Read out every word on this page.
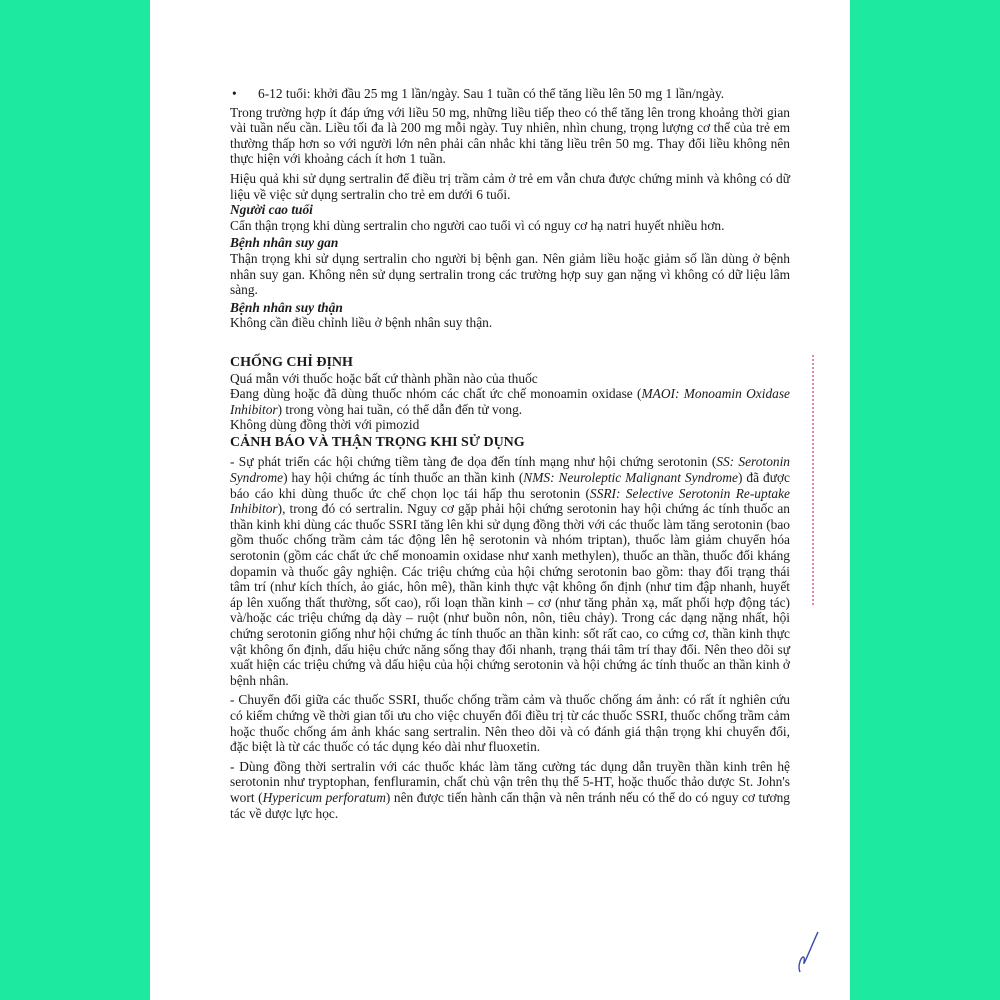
•	6-12 tuổi: khởi đầu 25 mg 1 lần/ngày. Sau 1 tuần có thể tăng liều lên 50 mg 1 lần/ngày.

Trong trường hợp ít đáp ứng với liều 50 mg, những liều tiếp theo có thể tăng lên trong khoảng thời gian vài tuần nếu cần. Liều tối đa là 200 mg mỗi ngày. Tuy nhiên, nhìn chung, trọng lượng cơ thể của trẻ em thường thấp hơn so với người lớn nên phải cân nhắc khi tăng liều trên 50 mg. Thay đổi liều không nên thực hiện với khoảng cách ít hơn 1 tuần.

Hiệu quả khi sử dụng sertralin để điều trị trầm cảm ở trẻ em vẫn chưa được chứng minh và không có dữ liệu về việc sử dụng sertralin cho trẻ em dưới 6 tuổi.

Người cao tuổi

Cẩn thận trọng khi dùng sertralin cho người cao tuổi vì có nguy cơ hạ natri huyết nhiều hơn.

Bệnh nhân suy gan

Thận trọng khi sử dụng sertralin cho người bị bệnh gan. Nên giảm liều hoặc giảm số lần dùng ở bệnh nhân suy gan. Không nên sử dụng sertralin trong các trường hợp suy gan nặng vì không có dữ liệu lâm sàng.

Bệnh nhân suy thận

Không cần điều chỉnh liều ở bệnh nhân suy thận.

CHỐNG CHỈ ĐỊNH

Quá mẫn với thuốc hoặc bất cứ thành phần nào của thuốc

Đang dùng hoặc đã dùng thuốc nhóm các chất ức chế monoamin oxidase (MAOI: Monoamin Oxidase Inhibitor) trong vòng hai tuần, có thể dẫn đến tử vong.

Không dùng đồng thời với pimozid

CẢNH BÁO VÀ THẬN TRỌNG KHI SỬ DỤNG

- Sự phát triển các hội chứng tiềm tàng đe dọa đến tính mạng như hội chứng serotonin (SS: Serotonin Syndrome) hay hội chứng ác tính thuốc an thần kinh (NMS: Neuroleptic Malignant Syndrome) đã được báo cáo khi dùng thuốc ức chế chọn lọc tái hấp thu serotonin (SSRI: Selective Serotonin Re-uptake Inhibitor), trong đó có sertralin. Nguy cơ gặp phải hội chứng serotonin hay hội chứng ác tính thuốc an thần kinh khi dùng các thuốc SSRI tăng lên khi sử dụng đồng thời với các thuốc làm tăng serotonin (bao gồm thuốc chống trầm cảm tác động lên hệ serotonin và nhóm triptan), thuốc làm giảm chuyển hóa serotonin (gồm các chất ức chế monoamin oxidase như xanh methylen), thuốc an thần, thuốc đối kháng dopamin và thuốc gây nghiện. Các triệu chứng của hội chứng serotonin bao gồm: thay đổi trạng thái tâm trí (như kích thích, ảo giác, hôn mê), thần kinh thực vật không ổn định (như tim đập nhanh, huyết áp lên xuống thất thường, sốt cao), rối loạn thần kinh – cơ (như tăng phản xạ, mất phối hợp động tác) và/hoặc các triệu chứng dạ dày – ruột (như buồn nôn, nôn, tiêu chảy). Trong các dạng nặng nhất, hội chứng serotonin giống như hội chứng ác tính thuốc an thần kinh: sốt rất cao, co cứng cơ, thần kinh thực vật không ổn định, dấu hiệu chức năng sống thay đổi nhanh, trạng thái tâm trí thay đổi. Nên theo dõi sự xuất hiện các triệu chứng và dấu hiệu của hội chứng serotonin và hội chứng ác tính thuốc an thần kinh ở bệnh nhân.

- Chuyển đổi giữa các thuốc SSRI, thuốc chống trầm cảm và thuốc chống ám ảnh: có rất ít nghiên cứu có kiểm chứng về thời gian tối ưu cho việc chuyển đổi điều trị từ các thuốc SSRI, thuốc chống trầm cảm hoặc thuốc chống ám ảnh khác sang sertralin. Nên theo dõi và có đánh giá thận trọng khi chuyển đổi, đặc biệt là từ các thuốc có tác dụng kéo dài như fluoxetin.

- Dùng đồng thời sertralin với các thuốc khác làm tăng cường tác dụng dẫn truyền thần kinh trên hệ serotonin như tryptophan, fenfluramin, chất chủ vận trên thụ thể 5-HT, hoặc thuốc thảo dược St. John's wort (Hypericum perforatum) nên được tiến hành cẩn thận và nên tránh nếu có thể do có nguy cơ tương tác về dược lực học.
